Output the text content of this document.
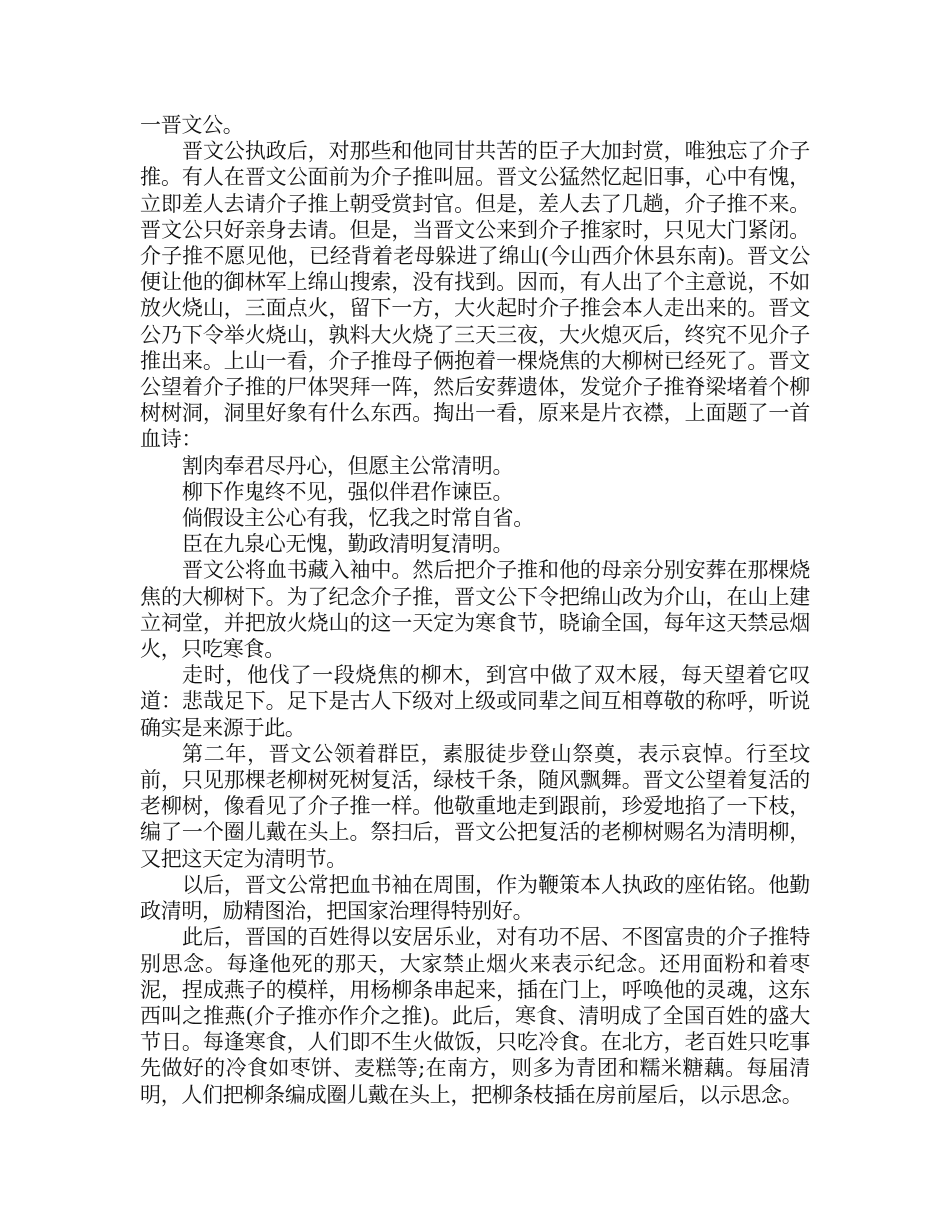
一晋文公。

晋文公执政后，对那些和他同甘共苦的臣子大加封赏，唯独忘了介子推。有人在晋文公面前为介子推叫屈。晋文公猛然忆起旧事，心中有愧，立即差人去请介子推上朝受赏封官。但是，差人去了几趟，介子推不来。晋文公只好亲身去请。但是，当晋文公来到介子推家时，只见大门紧闭。介子推不愿见他，已经背着老母躲进了绵山(今山西介休县东南)。晋文公便让他的御林军上绵山搜索，没有找到。因而，有人出了个主意说，不如放火烧山，三面点火，留下一方，大火起时介子推会本人走出来的。晋文公乃下令举火烧山，孰料大火烧了三天三夜，大火熄灭后，终究不见介子推出来。上山一看，介子推母子俩抱着一棵烧焦的大柳树已经死了。晋文公望着介子推的尸体哭拜一阵，然后安葬遗体，发觉介子推脊梁堵着个柳树树洞，洞里好象有什么东西。掏出一看，原来是片衣襟，上面题了一首血诗：

割肉奉君尽丹心，但愿主公常清明。

柳下作鬼终不见，强似伴君作谏臣。

倘假设主公心有我，忆我之时常自省。

臣在九泉心无愧，勤政清明复清明。

晋文公将血书藏入袖中。然后把介子推和他的母亲分别安葬在那棵烧焦的大柳树下。为了纪念介子推，晋文公下令把绵山改为介山，在山上建立祠堂，并把放火烧山的这一天定为寒食节，晓谕全国，每年这天禁忌烟火，只吃寒食。

走时，他伐了一段烧焦的柳木，到宫中做了双木屐，每天望着它叹道：悲哉足下。足下是古人下级对上级或同辈之间互相尊敬的称呼，听说确实是来源于此。

第二年，晋文公领着群臣，素服徒步登山祭奠，表示哀悼。行至坟前，只见那棵老柳树死树复活，绿枝千条，随风飘舞。晋文公望着复活的老柳树，像看见了介子推一样。他敬重地走到跟前，珍爱地掐了一下枝，编了一个圈儿戴在头上。祭扫后，晋文公把复活的老柳树赐名为清明柳，又把这天定为清明节。

以后，晋文公常把血书袖在周围，作为鞭策本人执政的座佑铭。他勤政清明，励精图治，把国家治理得特别好。

此后，晋国的百姓得以安居乐业，对有功不居、不图富贵的介子推特别思念。每逢他死的那天，大家禁止烟火来表示纪念。还用面粉和着枣泥，捏成燕子的模样，用杨柳条串起来，插在门上，呼唤他的灵魂，这东西叫之推燕(介子推亦作介之推)。此后，寒食、清明成了全国百姓的盛大节日。每逢寒食，人们即不生火做饭，只吃冷食。在北方，老百姓只吃事先做好的冷食如枣饼、麦糕等;在南方，则多为青团和糯米糖藕。每届清明，人们把柳条编成圈儿戴在头上，把柳条枝插在房前屋后，以示思念。
